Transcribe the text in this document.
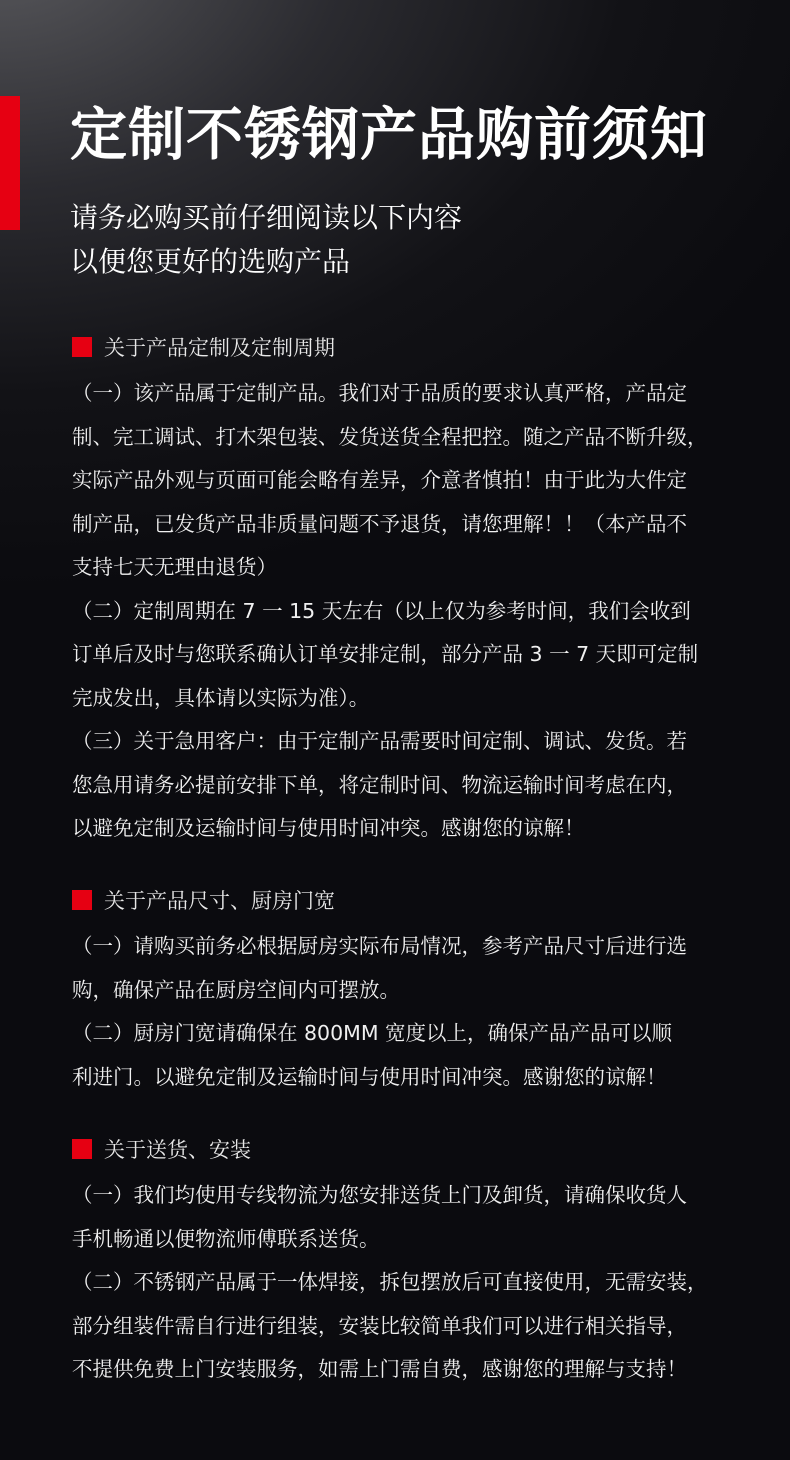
定制不锈钢产品购前须知
请务必购买前仔细阅读以下内容
以便您更好的选购产品
关于产品定制及定制周期
（一）该产品属于定制产品。我们对于品质的要求认真严格，产品定
制、完工调试、打木架包装、发货送货全程把控。随之产品不断升级，
实际产品外观与页面可能会略有差异，介意者慎拍！由于此为大件定
制产品，已发货产品非质量问题不予退货，请您理解！！（本产品不
支持七天无理由退货）
（二）定制周期在 7 一 15 天左右（以上仅为参考时间，我们会收到
订单后及时与您联系确认订单安排定制，部分产品 3 一 7 天即可定制
完成发出，具体请以实际为准）。
（三）关于急用客户：由于定制产品需要时间定制、调试、发货。若
您急用请务必提前安排下单，将定制时间、物流运输时间考虑在内，
以避免定制及运输时间与使用时间冲突。感谢您的谅解！
关于产品尺寸、厨房门宽
（一）请购买前务必根据厨房实际布局情况，参考产品尺寸后进行选
购，确保产品在厨房空间内可摆放。
（二）厨房门宽请确保在 800MM 宽度以上，确保产品产品可以顺
利进门。以避免定制及运输时间与使用时间冲突。感谢您的谅解！
关于送货、安装
（一）我们均使用专线物流为您安排送货上门及卸货，请确保收货人
手机畅通以便物流师傅联系送货。
（二）不锈钢产品属于一体焊接，拆包摆放后可直接使用，无需安装，
部分组装件需自行进行组装，安装比较简单我们可以进行相关指导，
不提供免费上门安装服务，如需上门需自费，感谢您的理解与支持！
